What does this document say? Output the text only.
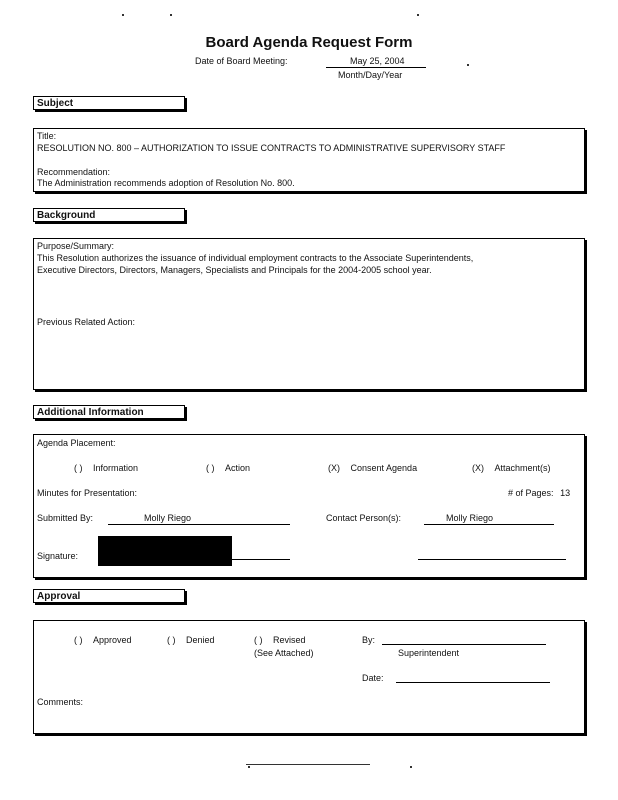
Board Agenda Request Form
Date of Board Meeting:	May 25, 2004
Month/Day/Year
Subject
Title:
RESOLUTION NO. 800 – AUTHORIZATION TO ISSUE CONTRACTS TO ADMINISTRATIVE SUPERVISORY STAFF
Recommendation:
The Administration recommends adoption of Resolution No. 800.
Background
Purpose/Summary:
This Resolution authorizes the issuance of individual employment contracts to the Associate Superintendents,
Executive Directors, Directors, Managers, Specialists and Principals for the 2004-2005 school year.
Previous Related Action:
Additional Information
Agenda Placement:
( ) Information	( ) Action	(X) Consent Agenda	(X) Attachment(s)
Minutes for Presentation:	# of Pages: 13
Submitted By:	Molly Riego	Contact Person(s):	Molly Riego
Signature:
Approval
( ) Approved	( ) Denied	( ) Revised
(See Attached)
By:
Superintendent
Date:
Comments:
